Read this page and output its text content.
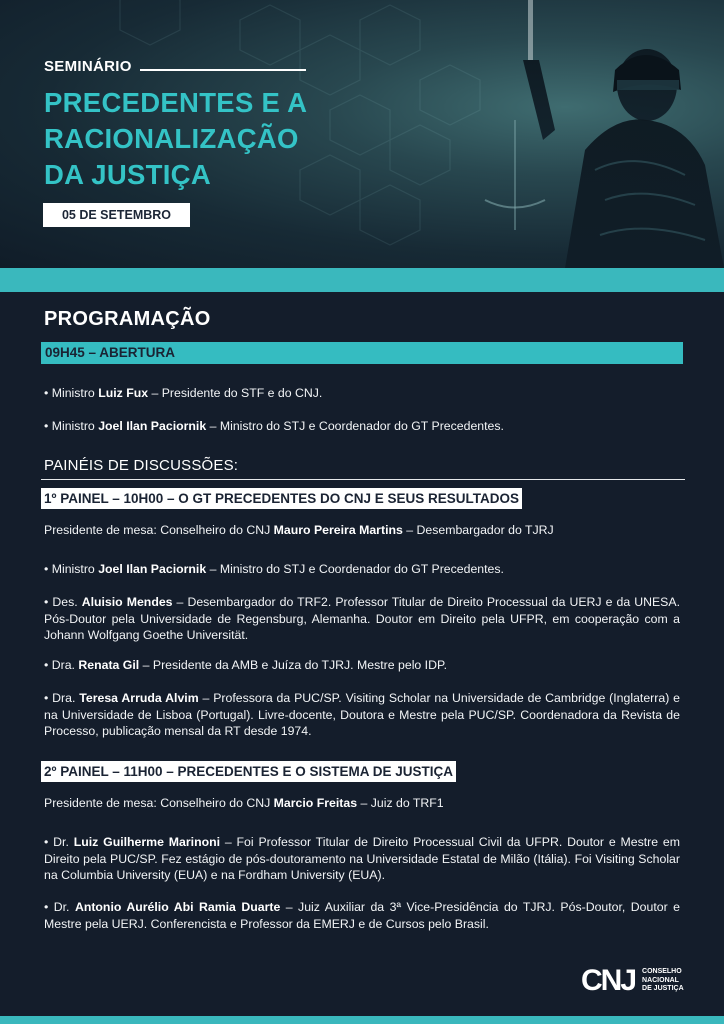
SEMINÁRIO
PRECEDENTES E A
RACIONALIZAÇÃO
DA JUSTIÇA
05 DE SETEMBRO
PROGRAMAÇÃO
09H45 – ABERTURA
• Ministro Luiz Fux – Presidente do STF e do CNJ.
• Ministro Joel Ilan Paciornik – Ministro do STJ e Coordenador do GT Precedentes.
PAINÉIS DE DISCUSSÕES:
1º PAINEL – 10H00 – O GT PRECEDENTES DO CNJ E SEUS RESULTADOS
Presidente de mesa: Conselheiro do CNJ Mauro Pereira Martins – Desembargador do TJRJ
• Ministro Joel Ilan Paciornik – Ministro do STJ e Coordenador do GT Precedentes.
• Des. Aluisio Mendes – Desembargador do TRF2. Professor Titular de Direito Processual da UERJ e da UNESA. Pós-Doutor pela Universidade de Regensburg, Alemanha. Doutor em Direito pela UFPR, em cooperação com a Johann Wolfgang Goethe Universität.
• Dra. Renata Gil – Presidente da AMB e Juíza do TJRJ. Mestre pelo IDP.
• Dra. Teresa Arruda Alvim – Professora da PUC/SP. Visiting Scholar na Universidade de Cambridge (Inglaterra) e na Universidade de Lisboa (Portugal). Livre-docente, Doutora e Mestre pela PUC/SP. Coordenadora da Revista de Processo, publicação mensal da RT desde 1974.
2º PAINEL – 11H00 – PRECEDENTES E O SISTEMA DE JUSTIÇA
Presidente de mesa: Conselheiro do CNJ Marcio Freitas – Juiz do TRF1
• Dr. Luiz Guilherme Marinoni – Foi Professor Titular de Direito Processual Civil da UFPR. Doutor e Mestre em Direito pela PUC/SP. Fez estágio de pós-doutoramento na Universidade Estatal de Milão (Itália). Foi Visiting Scholar na Columbia University (EUA) e na Fordham University (EUA).
• Dr. Antonio Aurélio Abi Ramia Duarte – Juiz Auxiliar da 3ª Vice-Presidência do TJRJ. Pós-Doutor, Doutor e Mestre pela UERJ. Conferencista e Professor da EMERJ e de Cursos pelo Brasil.
CNJ CONSELHO
NACIONAL
DE JUSTIÇA
